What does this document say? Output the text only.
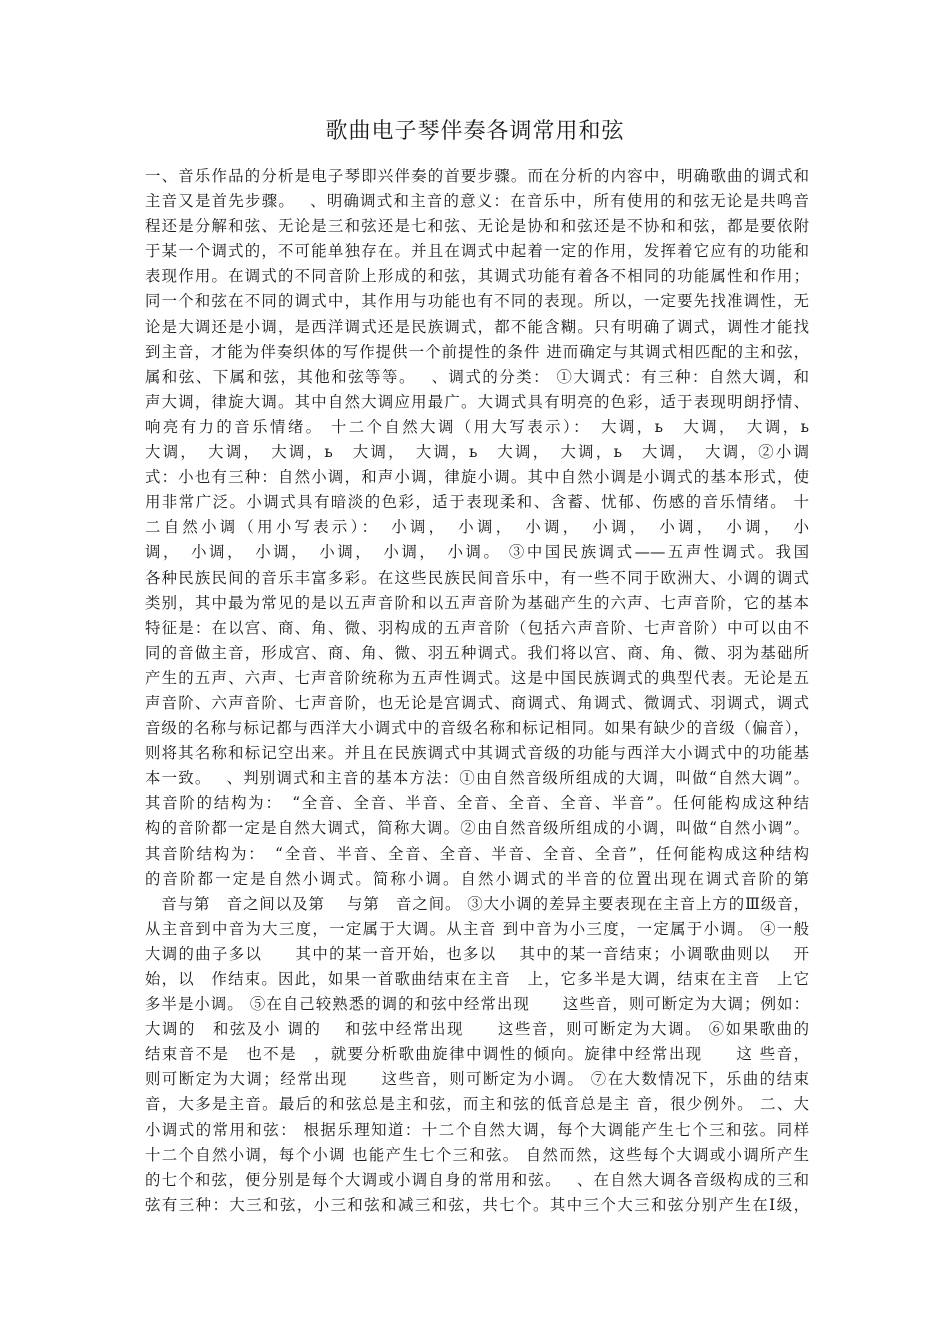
歌曲电子琴伴奏各调常用和弦
一、音乐作品的分析是电子琴即兴伴奏的首要步骤。而在分析的内容中，明确歌曲的调式和
主音又是首先步骤。　 、明确调式和主音的意义：在音乐中，所有使用的和弦无论是共鸣音
程还是分解和弦、无论是三和弦还是七和弦、无论是协和和弦还是不协和和弦，都是要依附
于某一个调式的，不可能单独存在。并且在调式中起着一定的作用，发挥着它应有的功能和
表现作用。在调式的不同音阶上形成的和弦，其调式功能有着各不相同的功能属性和作用；
同一个和弦在不同的调式中，其作用与功能也有不同的表现。所以，一定要先找准调性，无
论是大调还是小调，是西洋调式还是民族调式，都不能含糊。只有明确了调式，调性才能找
到主音，才能为伴奏织体的写作提供一个前提性的条件 进而确定与其调式相匹配的主和弦，
属和弦、下属和弦，其他和弦等等。　 、调式的分类： ①大调式：有三种：自然大调，和
声大调，律旋大调。其中自然大调应用最广。大调式具有明亮的色彩，适于表现明朗抒情、
响亮有力的音乐情绪。 十二个自然大调（用大写表示）：　大调，ь　大调，　大调，ь
大调，　大调，　大调，ь　大调，　大调，ь　大调，　大调，ь　大调，　大调，②小调
式：小也有三种：自然小调，和声小调，律旋小调。其中自然小调是小调式的基本形式，使
用非常广泛。小调式具有暗淡的色彩，适于表现柔和、含蓄、忧郁、伤感的音乐情绪。 十
二自然小调（用小写表示）：　小调，　小调，　小调，　小调，　小调，　小调，　小
调，　小调，　小调，　小调，　小调，　小调。 ③中国民族调式——五声性调式。我国
各种民族民间的音乐丰富多彩。在这些民族民间音乐中，有一些不同于欧洲大、小调的调式
类别，其中最为常见的是以五声音阶和以五声音阶为基础产生的六声、七声音阶，它的基本
特征是：在以宫、商、角、微、羽构成的五声音阶（包括六声音阶、七声音阶）中可以由不
同的音做主音，形成宫、商、角、微、羽五种调式。我们将以宫、商、角、微、羽为基础所
产生的五声、六声、七声音阶统称为五声性调式。这是中国民族调式的典型代表。无论是五
声音阶、六声音阶、七声音阶，也无论是宫调式、商调式、角调式、微调式、羽调式，调式
音级的名称与标记都与西洋大小调式中的音级名称和标记相同。如果有缺少的音级（偏音），
则将其名称和标记空出来。并且在民族调式中其调式音级的功能与西洋大小调式中的功能基
本一致。　 、判别调式和主音的基本方法：①由自然音级所组成的大调，叫做“自然大调”。
其音阶的结构为：　“全音、全音、半音、全音、全音、全音、半音”。任何能构成这种结
构的音阶都一定是自然大调式，简称大调。②由自然音级所组成的小调，叫做“自然小调”。
其音阶结构为：　“全音、半音、全音、全音、半音、全音、全音”，任何能构成这种结构
的音阶都一定是自然小调式。简称小调。自然小调式的半音的位置出现在调式音阶的第
　音与第　音之间以及第　 与第　音之间。 ③大小调的差异主要表现在主音上方的Ⅲ级音，
从主音到中音为大三度，一定属于大调。从主音 到中音为小三度，一定属于小调。 ④一般
大调的曲子多以　　其中的某一音开始，也多以　 其中的某一音结束；小调歌曲则以　 开
始，以　作结束。因此，如果一首歌曲结束在主音　上，它多半是大调，结束在主音　上它
多半是小调。 ⑤在自己较熟悉的调的和弦中经常出现　　这些音，则可断定为大调；例如：
大调的　和弦及小 调的　 和弦中经常出现　　这些音，则可断定为大调。 ⑥如果歌曲的
结束音不是　也不是　，就要分析歌曲旋律中调性的倾向。旋律中经常出现　　这 些音，
则可断定为大调；经常出现　　这些音，则可断定为小调。 ⑦在大数情况下，乐曲的结束
音，大多是主音。最后的和弦总是主和弦，而主和弦的低音总是主 音，很少例外。 二、大
小调式的常用和弦： 根据乐理知道：十二个自然大调，每个大调能产生七个三和弦。同样
十二个自然小调，每个小调 也能产生七个三和弦。 自然而然，这些每个大调或小调所产生
的七个和弦，便分别是每个大调或小调自身的常用和弦。　 、在自然大调各音级构成的三和
弦有三种：大三和弦，小三和弦和减三和弦，共七个。其中三个大三和弦分别产生在Ⅰ级，
